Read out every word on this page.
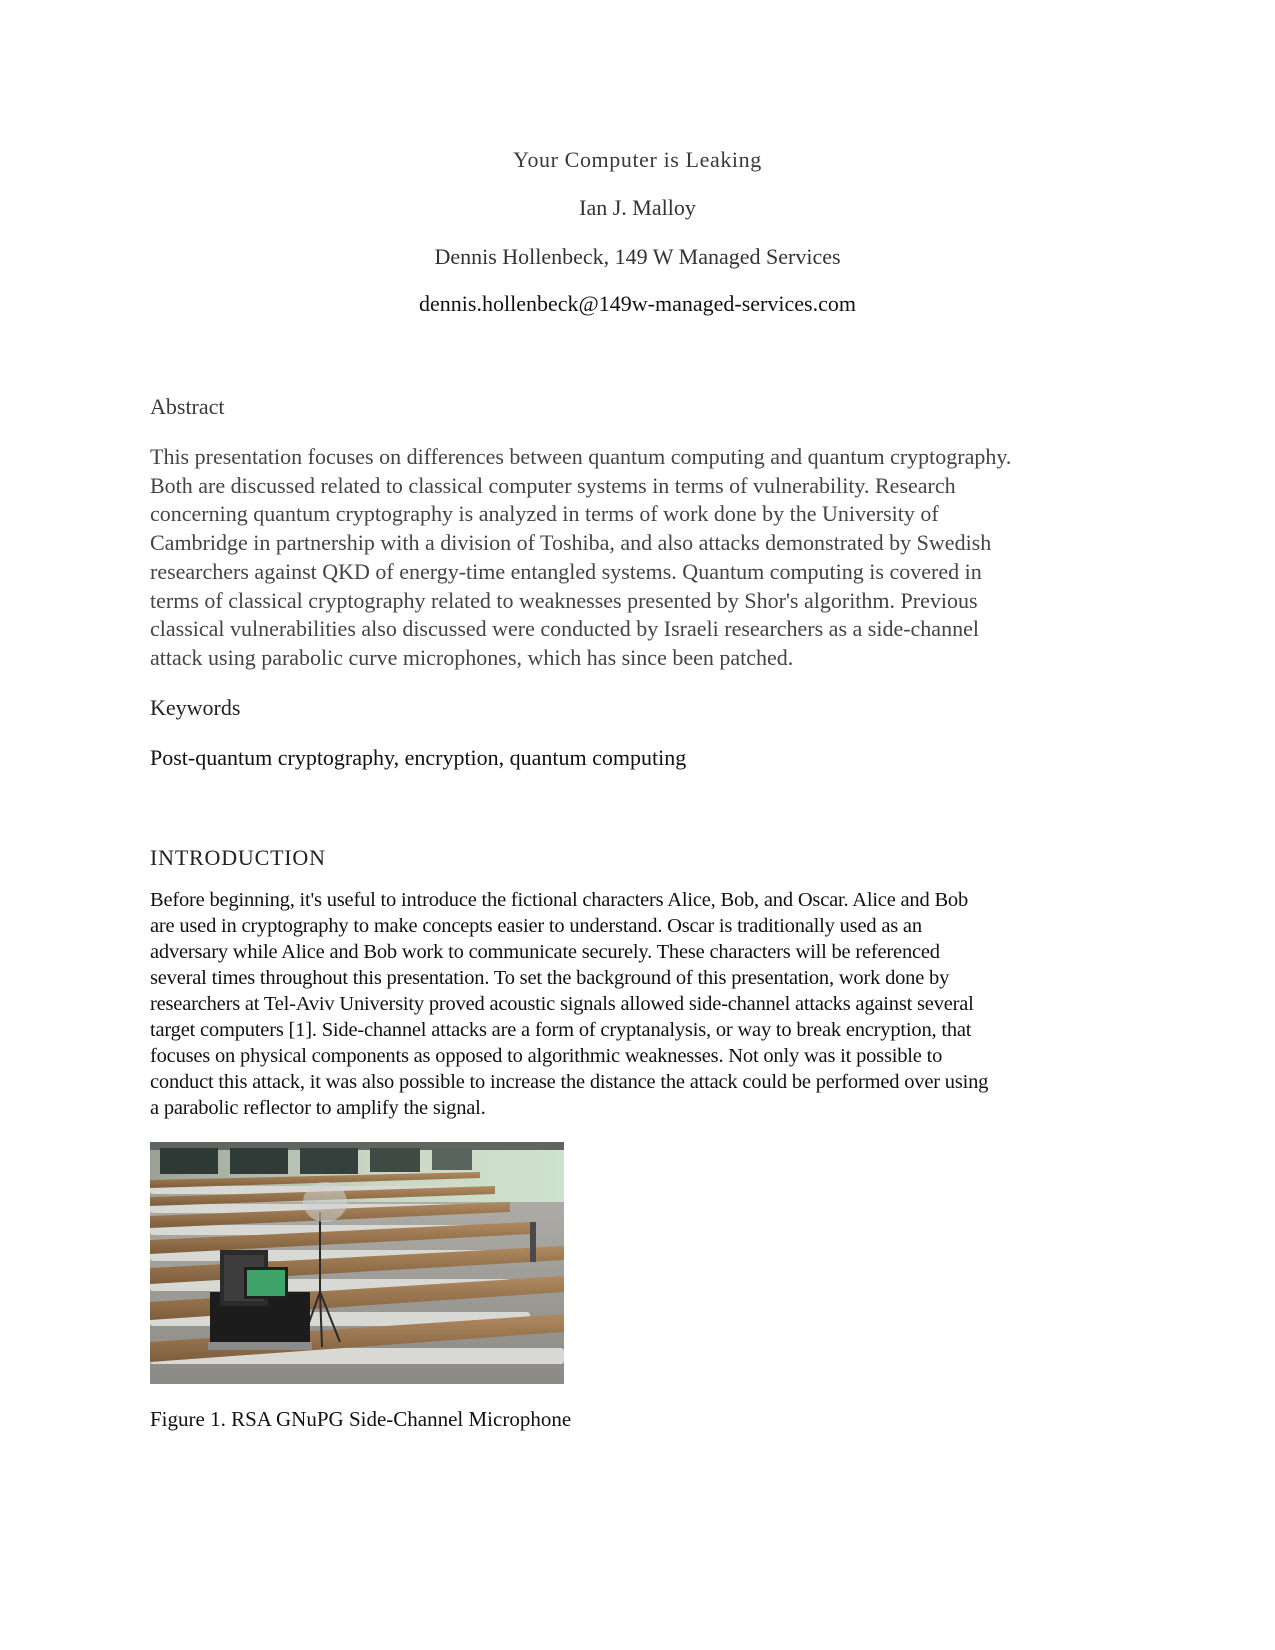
Your Computer is Leaking
Ian J. Malloy
Dennis Hollenbeck, 149 W Managed Services
dennis.hollenbeck@149w-managed-services.com
Abstract
This presentation focuses on differences between quantum computing and quantum cryptography.
Both are discussed related to classical computer systems in terms of vulnerability. Research
concerning quantum cryptography is analyzed in terms of work done by the University of
Cambridge in partnership with a division of Toshiba, and also attacks demonstrated by Swedish
researchers against QKD of energy-time entangled systems. Quantum computing is covered in
terms of classical cryptography related to weaknesses presented by Shor's algorithm. Previous
classical vulnerabilities also discussed were conducted by Israeli researchers as a side-channel
attack using parabolic curve microphones, which has since been patched.
Keywords
Post-quantum cryptography, encryption, quantum computing
INTRODUCTION
Before beginning, it's useful to introduce the fictional characters Alice, Bob, and Oscar. Alice and Bob
are used in cryptography to make concepts easier to understand. Oscar is traditionally used as an
adversary while Alice and Bob work to communicate securely. These characters will be referenced
several times throughout this presentation. To set the background of this presentation, work done by
researchers at Tel-Aviv University proved acoustic signals allowed side-channel attacks against several
target computers [1]. Side-channel attacks are a form of cryptanalysis, or way to break encryption, that
focuses on physical components as opposed to algorithmic weaknesses. Not only was it possible to
conduct this attack, it was also possible to increase the distance the attack could be performed over using
a parabolic reflector to amplify the signal.
Figure 1. RSA GNuPG Side-Channel Microphone
